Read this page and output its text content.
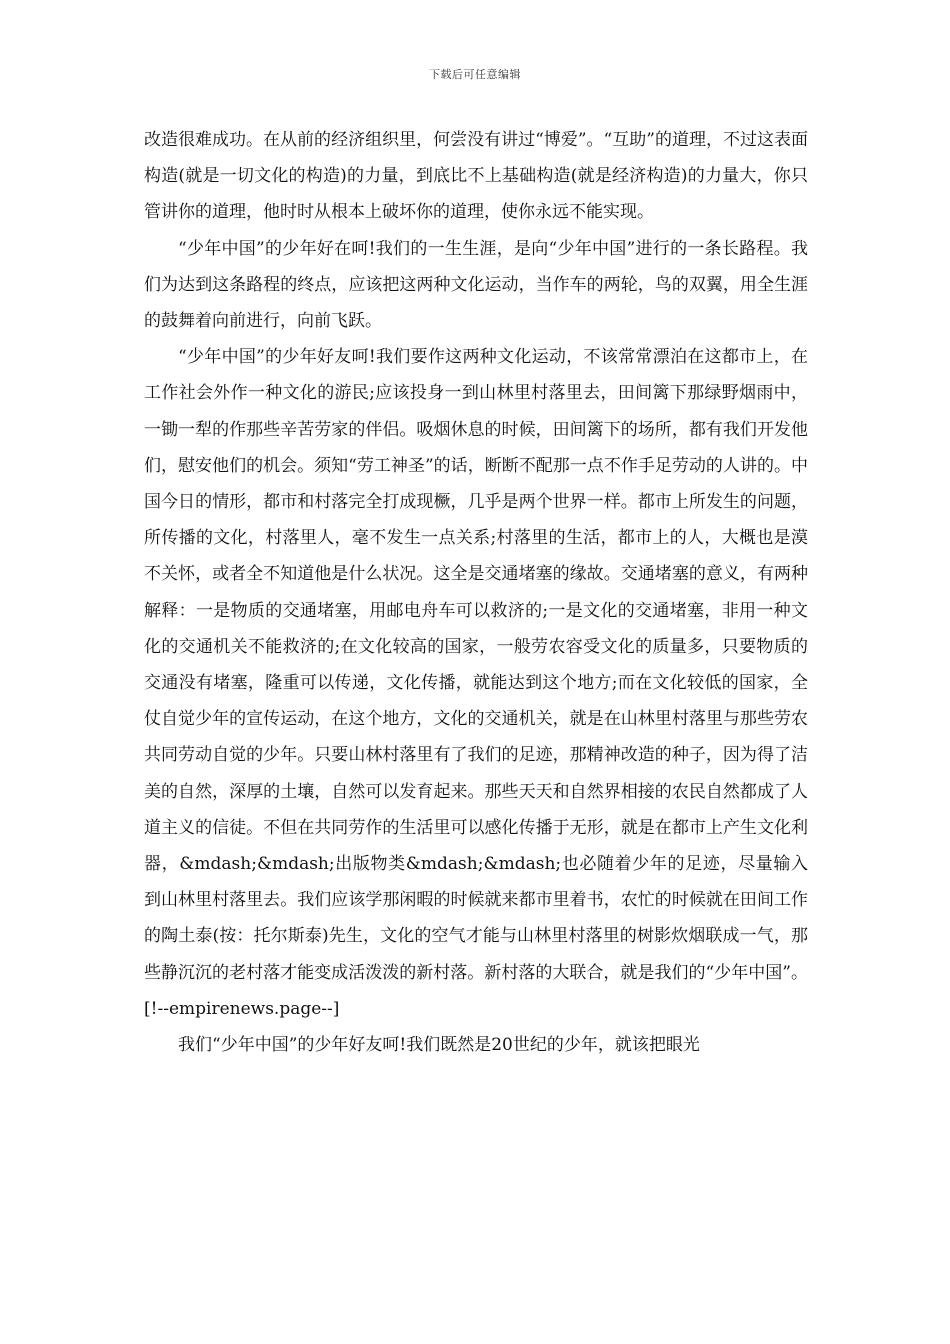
下载后可任意编辑

改造很难成功。在从前的经济组织里，何尝没有讲过“博爱”。“互助”的道理，不过这表面构造(就是一切文化的构造)的力量，到底比不上基础构造(就是经济构造)的力量大，你只管讲你的道理，他时时从根本上破坏你的道理，使你永远不能实现。

“少年中国”的少年好在呵!我们的一生生涯，是向“少年中国”进行的一条长路程。我们为达到这条路程的终点，应该把这两种文化运动，当作车的两轮，鸟的双翼，用全生涯的鼓舞着向前进行，向前飞跃。

“少年中国”的少年好友呵!我们要作这两种文化运动，不该常常漂泊在这都市上，在工作社会外作一种文化的游民;应该投身一到山林里村落里去，田间篱下那绿野烟雨中，一锄一犁的作那些辛苦劳家的伴侣。吸烟休息的时候，田间篱下的场所，都有我们开发他们，慰安他们的机会。须知“劳工神圣”的话，断断不配那一点不作手足劳动的人讲的。中国今日的情形，都市和村落完全打成现橛，几乎是两个世界一样。都市上所发生的问题，所传播的文化，村落里人，毫不发生一点关系;村落里的生活，都市上的人，大概也是漠不关怀，或者全不知道他是什么状况。这全是交通堵塞的缘故。交通堵塞的意义，有两种解释：一是物质的交通堵塞，用邮电舟车可以救济的;一是文化的交通堵塞，非用一种文化的交通机关不能救济的;在文化较高的国家，一般劳农容受文化的质量多，只要物质的交通没有堵塞，隆重可以传递，文化传播，就能达到这个地方;而在文化较低的国家，全仗自觉少年的宣传运动，在这个地方，文化的交通机关，就是在山林里村落里与那些劳农共同劳动自觉的少年。只要山林村落里有了我们的足迹，那精神改造的种子，因为得了洁美的自然，深厚的土壤，自然可以发育起来。那些天天和自然界相接的农民自然都成了人道主义的信徒。不但在共同劳作的生活里可以感化传播于无形，就是在都市上产生文化利器，&mdash;&mdash;出版物类&mdash;&mdash;也必随着少年的足迹，尽量输入到山林里村落里去。我们应该学那闲暇的时候就来都市里着书，农忙的时候就在田间工作的陶土泰(按：托尔斯泰)先生，文化的空气才能与山林里村落里的树影炊烟联成一气，那些静沉沉的老村落才能变成活泼泼的新村落。新村落的大联合，就是我们的“少年中国”。[!--empirenews.page--]

我们“少年中国”的少年好友呵!我们既然是20世纪的少年，就该把眼光
